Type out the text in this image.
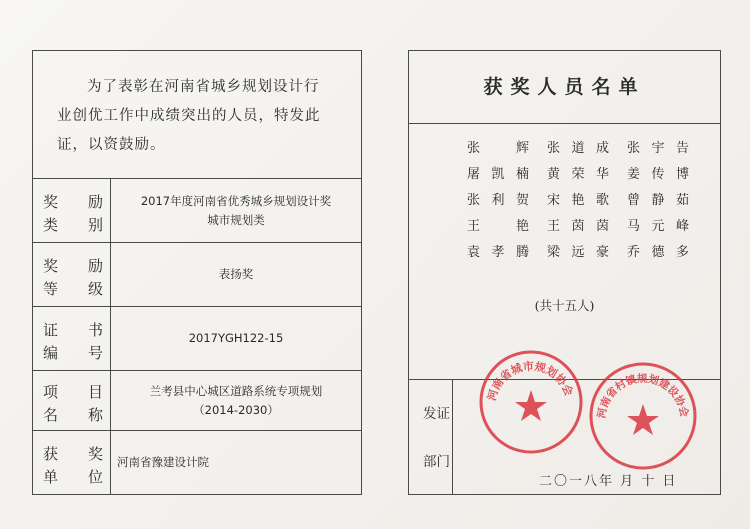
为了表彰在河南省城乡规划设计行
业创优工作中成绩突出的人员，特发此
证，以资鼓励。
奖 励
类 别
2017年度河南省优秀城乡规划设计奖
城市规划类
奖 励
等 级
表扬奖
证 书
编 号
2017YGH122-15
项 目
名 称
兰考县中心城区道路系统专项规划
（2014-2030）
获 奖
单 位
河南省豫建设计院
获奖人员名单
张	辉 张 道 成 张 宇 告
屠 凯 楠 黄 荣 华 姜 传 博
张 利 贺 宋 艳 歌 曾 静 茹
王	艳 王 茵 茵 马 元 峰
袁 孝 腾 梁 远 豪 乔 德 多
(共十五人)
发证
部门
河南省城市规划协会
河南省村镇规划建设协会
二〇一八年 月 十 日
